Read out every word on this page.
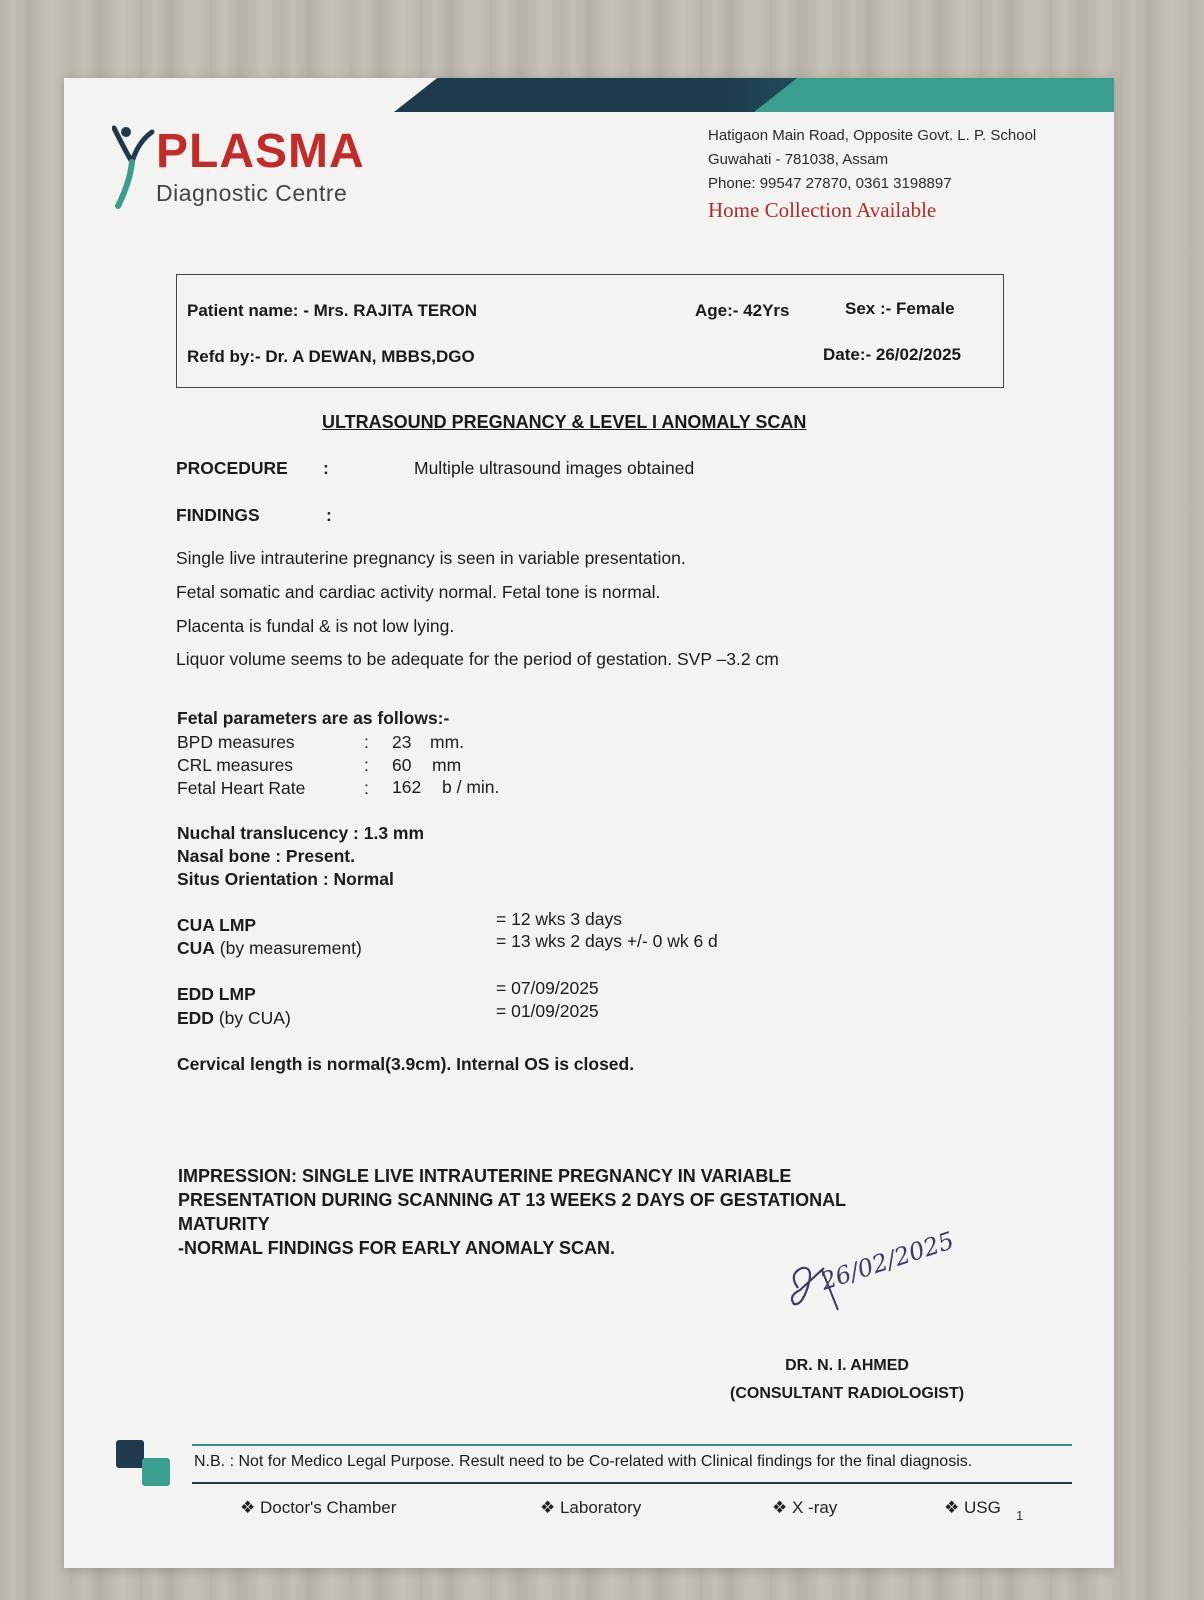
PLASMA
Diagnostic Centre
Hatigaon Main Road, Opposite Govt. L. P. School
Guwahati - 781038, Assam
Phone: 99547 27870, 0361 3198897
Home Collection Available
Patient name: - Mrs. RAJITA TERON	Age:- 42Yrs	Sex :- Female
Refd by:- Dr. A DEWAN, MBBS,DGO	Date:- 26/02/2025
ULTRASOUND PREGNANCY & LEVEL I ANOMALY SCAN
PROCEDURE :	Multiple ultrasound images obtained
FINDINGS	:
Single live intrauterine pregnancy is seen in variable presentation.
Fetal somatic and cardiac activity normal. Fetal tone is normal.
Placenta is fundal & is not low lying.
Liquor volume seems to be adequate for the period of gestation. SVP –3.2 cm
Fetal parameters are as follows:-
BPD measures	: 23 mm.
CRL measures	: 60 mm
Fetal Heart Rate	: 162 b / min.
Nuchal translucency : 1.3 mm
Nasal bone : Present.
Situs Orientation : Normal
CUA LMP	= 12 wks 3 days
CUA (by measurement)	= 13 wks 2 days +/- 0 wk 6 d
EDD LMP	= 07/09/2025
EDD (by CUA)	= 01/09/2025
Cervical length is normal(3.9cm). Internal OS is closed.
IMPRESSION: SINGLE LIVE INTRAUTERINE PREGNANCY IN VARIABLE
PRESENTATION DURING SCANNING AT 13 WEEKS 2 DAYS OF GESTATIONAL
MATURITY
-NORMAL FINDINGS FOR EARLY ANOMALY SCAN.	26/02/2025
DR. N. I. AHMED
(CONSULTANT RADIOLOGIST)
N.B. : Not for Medico Legal Purpose. Result need to be Co-related with Clinical findings for the final diagnosis.
❖ Doctor's Chamber	❖ Laboratory	❖ X -ray	❖ USG 1
